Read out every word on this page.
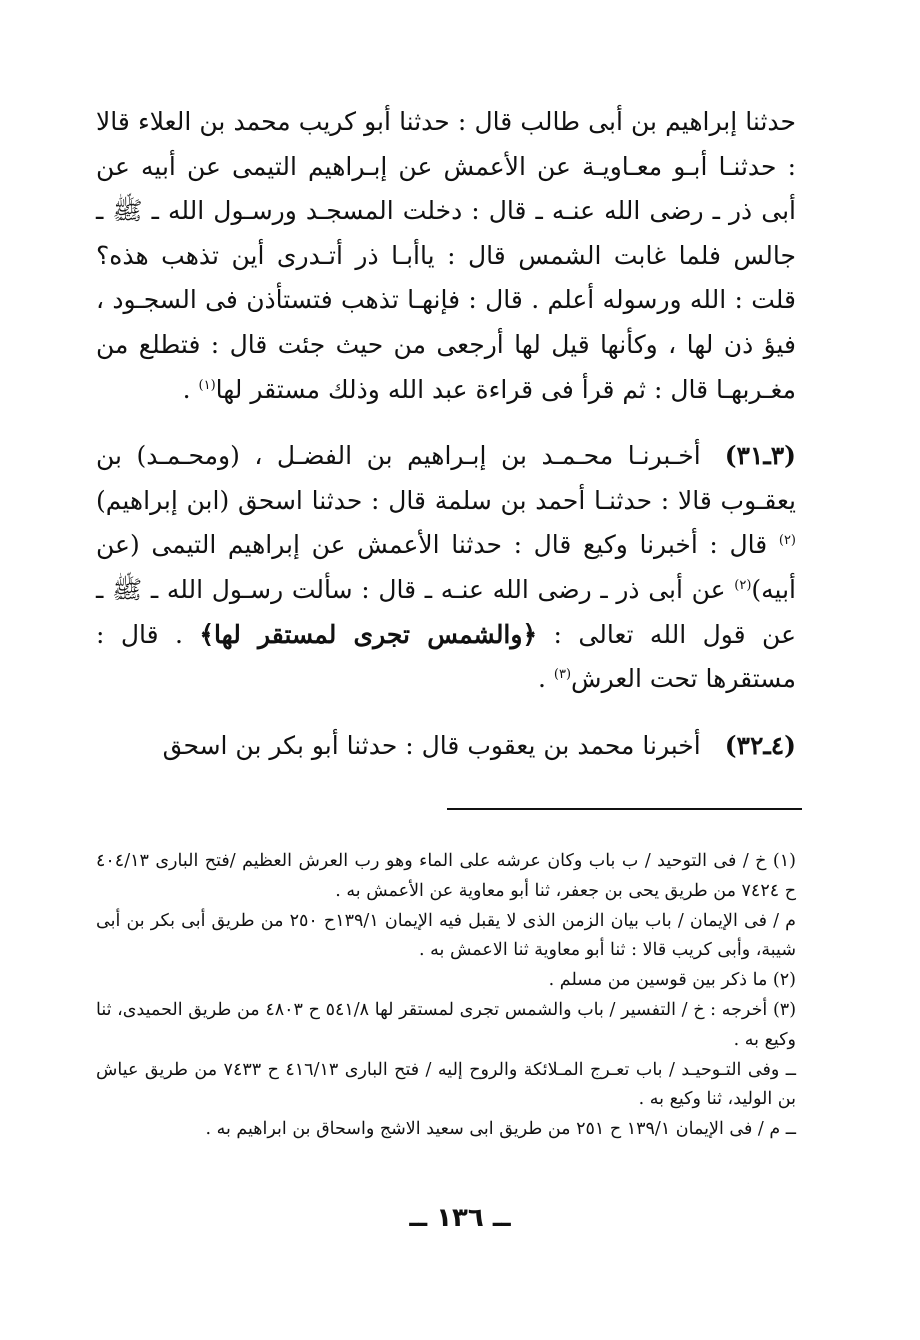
حدثنا إبراهيم بن أبى طالب قال : حدثنا أبو كريب محمد بن العلاء قالا : حدثنـا أبـو معـاويـة عن الأعمش عن إبـراهيم التيمى عن أبيه عن أبى ذر ـ رضى الله عنـه ـ قال : دخلت المسجـد ورسـول الله ـ ﷺ ـ جالس فلما غابت الشمس قال : ياأبـا ذر أتـدرى أين تذهب هذه؟ قلت : الله ورسوله أعلم . قال : فإنهـا تذهب فتستأذن فى السجـود ، فيؤ ذن لها ، وكأنها قيل لها أرجعى من حيث جئت قال : فتطلع من مغـربهـا قال : ثم قرأ فى قراءة عبد الله وذلك مستقر لها$^{(١)}$ .

(٣ـ٣١)أخـبرنـا محـمـد بن إبـراهيم بن الفضـل ، (ومحـمـد) بن يعقـوب قالا : حدثنـا أحمد بن سلمة قال : حدثنا اسحق (ابن إبراهيم)$^{(٢)}$ قال : أخبرنا وكيع قال : حدثنا الأعمش عن إبراهيم التيمى (عن أبيه)$^{(٢)}$ عن أبى ذر ـ رضى الله عنـه ـ قال : سألت رسـول الله ـ ﷺ ـ عن قول الله تعالى : ﴿والشمس تجرى لمستقر لها﴾ . قال : مستقرها تحت العرش$^{(٣)}$ .

(٤ـ٣٢)أخبرنا محمد بن يعقوب قال : حدثنا أبو بكر بن اسحق

(١) خ / فى التوحيد / ب باب وكان عرشه على الماء وهو رب العرش العظيم /فتح البارى ٤٠٤/١٣ ح ٧٤٢٤ من طريق يحى بن جعفر، ثنا أبو معاوية عن الأعمش به .

م / فى الإيمان / باب بيان الزمن الذى لا يقبل فيه الإيمان ١٣٩/١ح ٢٥٠ من طريق أبى بكر بن أبى شيبة، وأبى كريب قالا : ثنا أبو معاوية ثنا الاعمش به .

(٢) ما ذكر بين قوسين من مسلم .

(٣) أخرجه : خ / التفسير / باب والشمس تجرى لمستقر لها ٥٤١/٨ ح ٤٨٠٣ من طريق الحميدى، ثنا وكيع به .

ــ وفى التـوحيـد / باب تعـرج المـلائكة والروح إليه / فتح البارى ٤١٦/١٣ ح ٧٤٣٣ من طريق عياش بن الوليد، ثنا وكيع به .

ــ م / فى الإيمان ١٣٩/١ ح ٢٥١ من طريق ابى سعيد الاشج واسحاق بن ابراهيم به .

ــ ١٣٦ ــ
